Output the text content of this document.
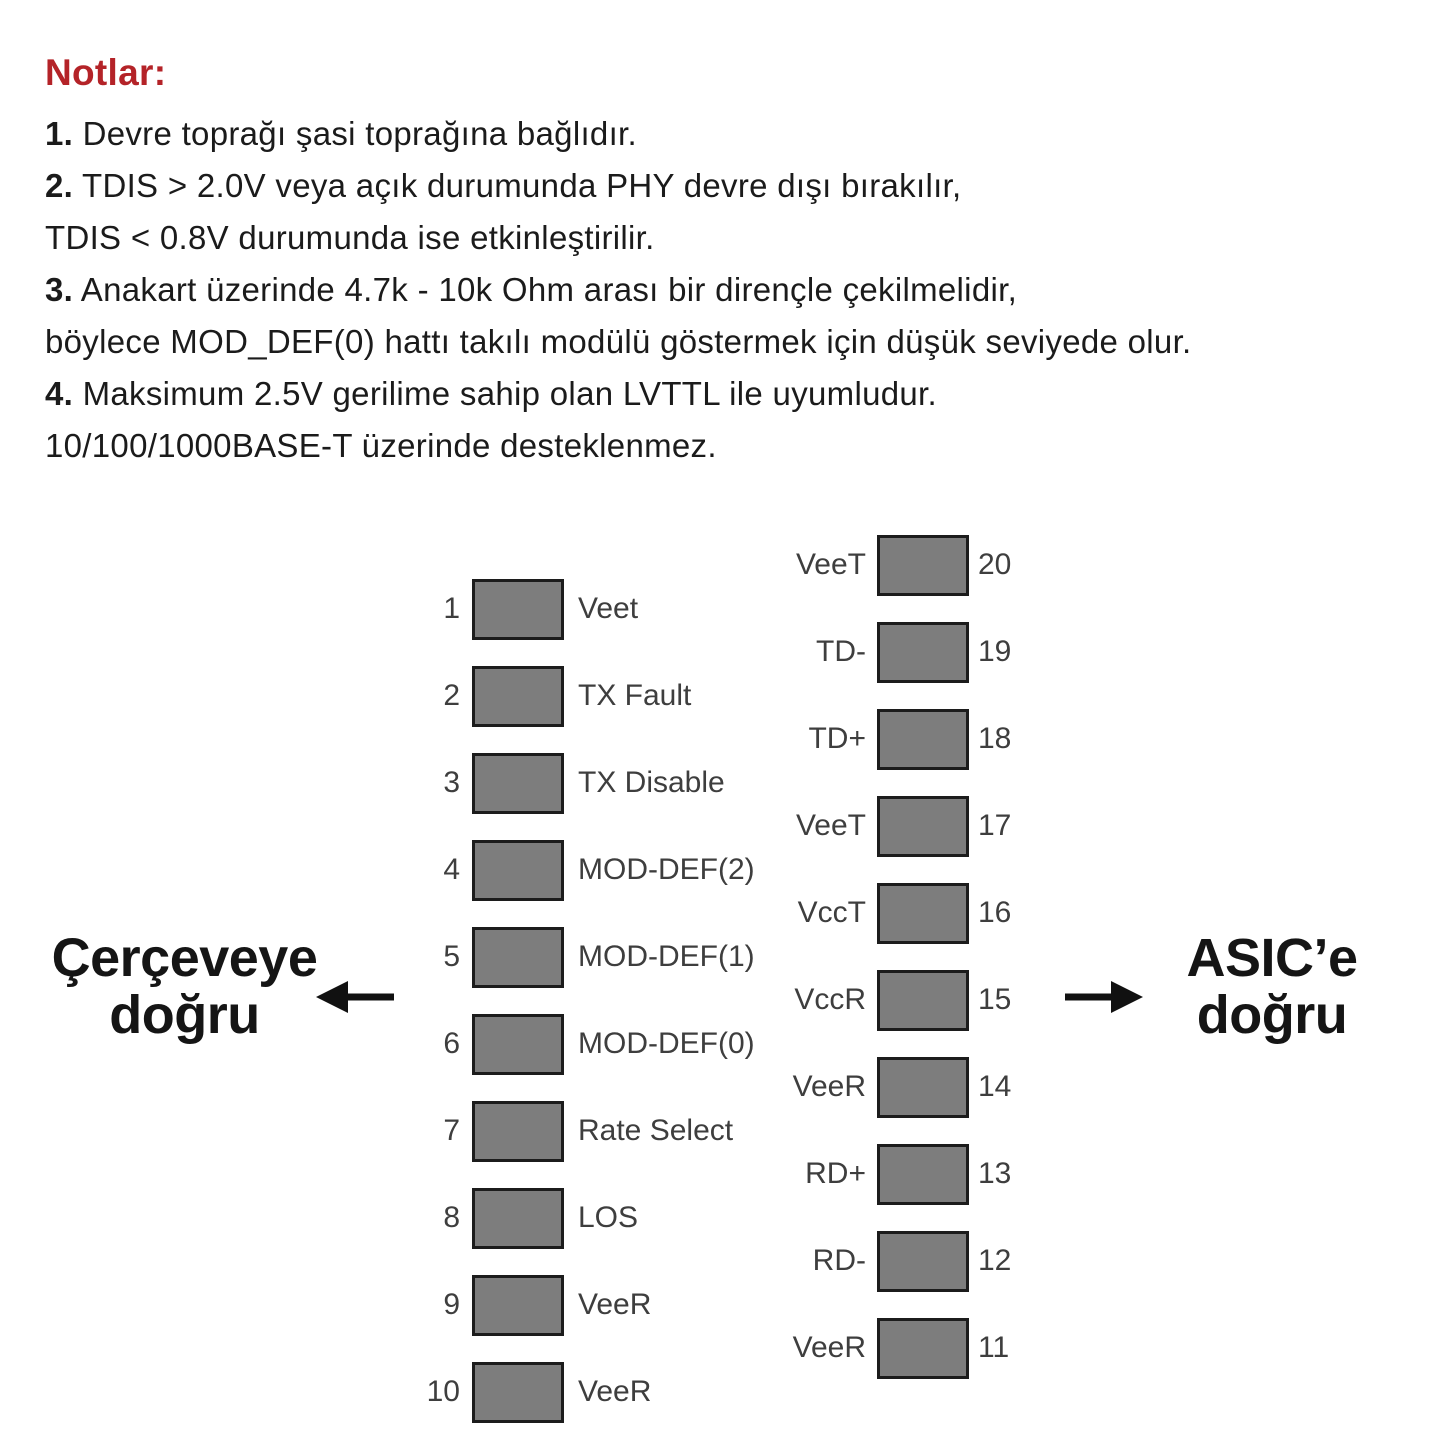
Notlar:
1. Devre toprağı şasi toprağına bağlıdır.
2. TDIS > 2.0V veya açık durumunda PHY devre dışı bırakılır,
TDIS < 0.8V durumunda ise etkinleştirilir.
3. Anakart üzerinde 4.7k - 10k Ohm arası bir dirençle çekilmelidir,
böylece MOD_DEF(0) hattı takılı modülü göstermek için düşük seviyede olur.
4. Maksimum 2.5V gerilime sahip olan LVTTL ile uyumludur.
10/100/1000BASE-T üzerinde desteklenmez.
Çerçeveye
doğru
ASIC’e
doğru
1	Veet
2	TX Fault
3	TX Disable
4	MOD-DEF(2)
5	MOD-DEF(1)
6	MOD-DEF(0)
7	Rate Select
8	LOS
9	VeeR
10	VeeR
VeeT	20
TD-	19
TD+	18
VeeT	17
VccT	16
VccR	15
VeeR	14
RD+	13
RD-	12
VeeR	11
